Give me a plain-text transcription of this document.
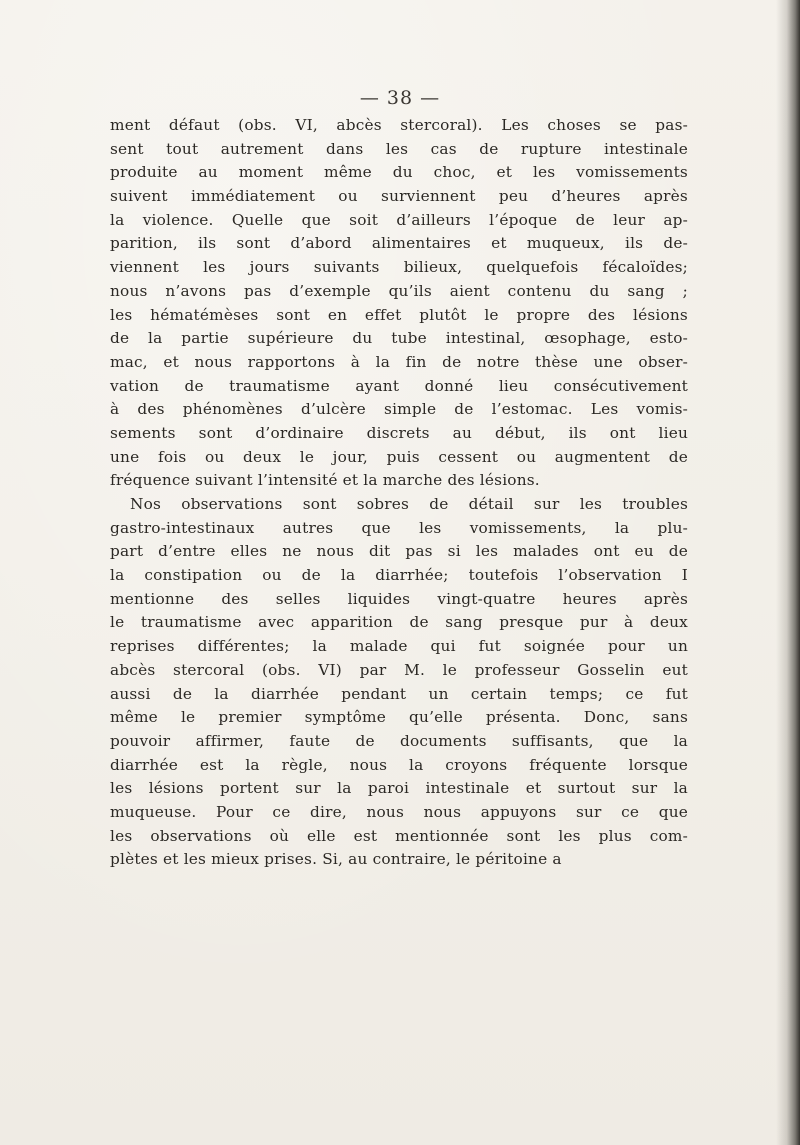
— 38 —
ment défaut (obs. VI, abcès stercoral). Les choses se pas-
sent tout autrement dans les cas de rupture intestinale
produite au moment même du choc, et les vomissements
suivent immédiatement ou surviennent peu d’heures après
la violence. Quelle que soit d’ailleurs l’époque de leur ap-
parition, ils sont d’abord alimentaires et muqueux, ils de-
viennent les jours suivants bilieux, quelquefois fécaloïdes;
nous n’avons pas d’exemple qu’ils aient contenu du sang ;
les hématémèses sont en effet plutôt le propre des lésions
de la partie supérieure du tube intestinal, œsophage, esto-
mac, et nous rapportons à la fin de notre thèse une obser-
vation de traumatisme ayant donné lieu consécutivement
à des phénomènes d’ulcère simple de l’estomac. Les vomis-
sements sont d’ordinaire discrets au début, ils ont lieu
une fois ou deux le jour, puis cessent ou augmentent de
fréquence suivant l’intensité et la marche des lésions.
Nos observations sont sobres de détail sur les troubles
gastro-intestinaux autres que les vomissements, la plu-
part d’entre elles ne nous dit pas si les malades ont eu de
la constipation ou de la diarrhée; toutefois l’observation I
mentionne des selles liquides vingt-quatre heures après
le traumatisme avec apparition de sang presque pur à deux
reprises différentes; la malade qui fut soignée pour un
abcès stercoral (obs. VI) par M. le professeur Gosselin eut
aussi de la diarrhée pendant un certain temps; ce fut
même le premier symptôme qu’elle présenta. Donc, sans
pouvoir affirmer, faute de documents suffisants, que la
diarrhée est la règle, nous la croyons fréquente lorsque
les lésions portent sur la paroi intestinale et surtout sur la
muqueuse. Pour ce dire, nous nous appuyons sur ce que
les observations où elle est mentionnée sont les plus com-
plètes et les mieux prises. Si, au contraire, le péritoine a
